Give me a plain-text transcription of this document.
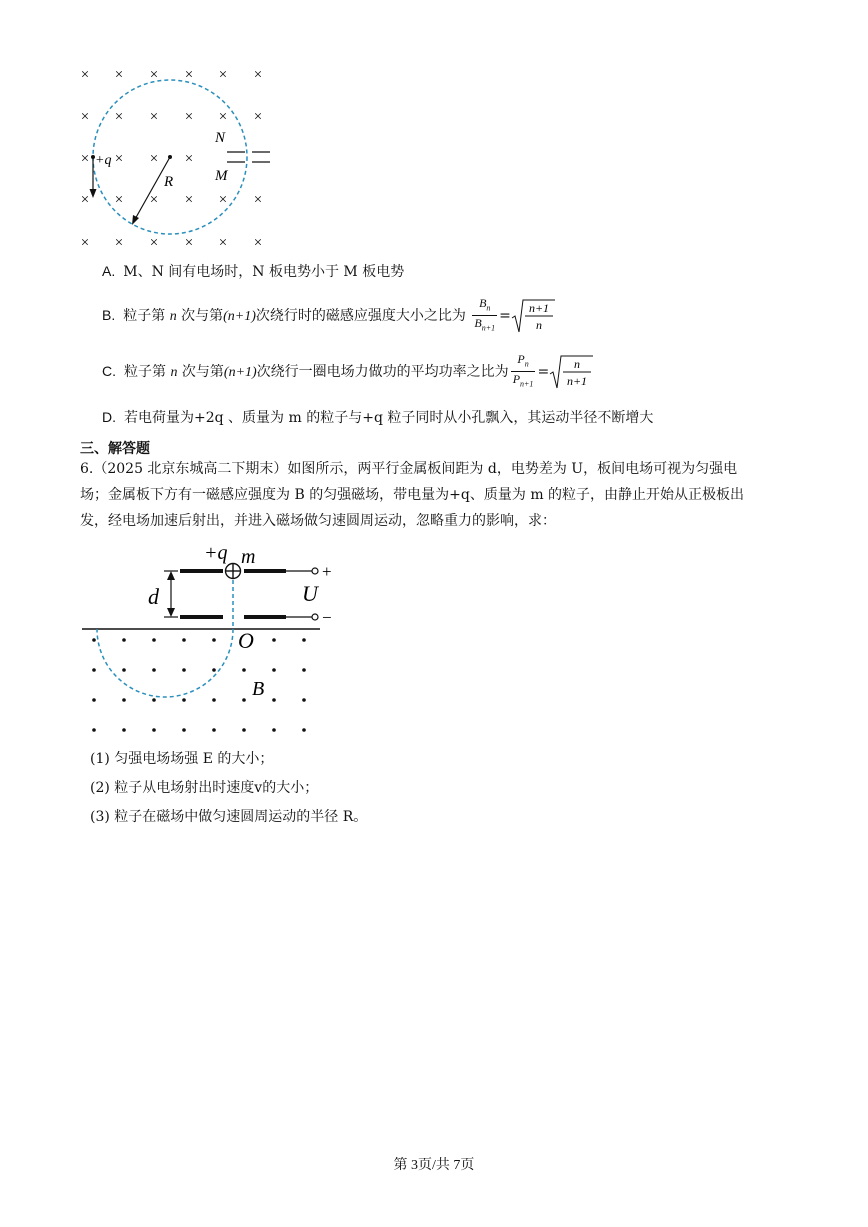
× × × × × ×
× × × × × ×
× × × ×
× × × × × ×
× × × × × ×
N
M
+q
R
A. M、N 间有电场时，N 板电势小于 M 板电势
B. 粒子第 n 次与第(n+1)次绕行时的磁感应强度大小之比为 $\frac{B_n}{B_{n+1}} = n+1$
n
C. 粒子第 n 次与第(n+1)次绕行一圈电场力做功的平均功率之比为 $\frac{P_n}{P_{n+1}} = n$
n+1
D. 若电荷量为+2q 、质量为 m 的粒子与+q 粒子同时从小孔飘入，其运动半径不断增大
三、解答题
6.（2025 北京东城高二下期末）如图所示，两平行金属板间距为 d，电势差为 U，板间电场可视为匀强电
场；金属板下方有一磁感应强度为 B 的匀强磁场，带电量为+q、质量为 m 的粒子，由静止开始从正极板出
发，经电场加速后射出，并进入磁场做匀速圆周运动，忽略重力的影响，求：
+q m
d	U
+
−
O
B
(1) 匀强电场场强 E 的大小；
(2) 粒子从电场射出时速度v的大小；
(3) 粒子在磁场中做匀速圆周运动的半径 R。
第 3页/共 7页
